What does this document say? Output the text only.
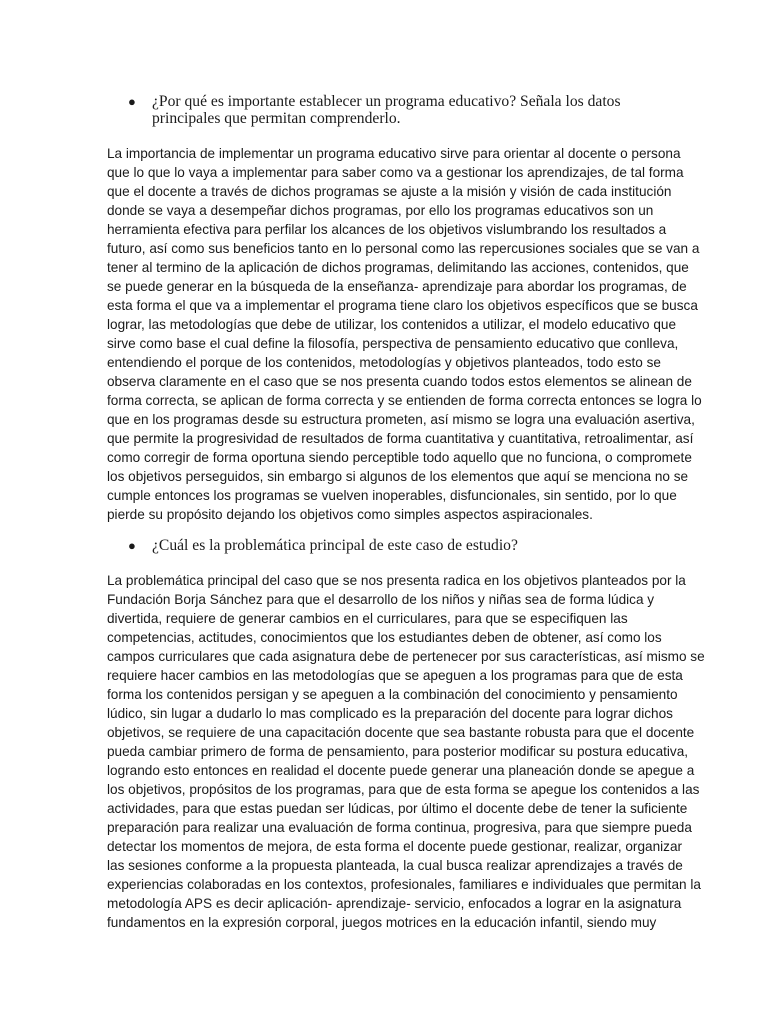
● ¿Por qué es importante establecer un programa educativo? Señala los datos principales que permitan comprenderlo.
La importancia de implementar un programa educativo sirve para orientar al docente o persona
que lo que lo vaya a implementar para saber como va a gestionar los aprendizajes, de tal forma
que el docente a través de dichos programas se ajuste a la misión y visión de cada institución
donde se vaya a desempeñar dichos programas, por ello los programas educativos son un
herramienta efectiva para perfilar los alcances de los objetivos vislumbrando los resultados a
futuro, así como sus beneficios tanto en lo personal como las repercusiones sociales que se van a
tener al termino de la aplicación de dichos programas, delimitando las acciones, contenidos, que
se puede generar en la búsqueda de la enseñanza- aprendizaje para abordar los programas, de
esta forma el que va a implementar el programa tiene claro los objetivos específicos que se busca
lograr, las metodologías que debe de utilizar, los contenidos a utilizar, el modelo educativo que
sirve como base el cual define la filosofía, perspectiva de pensamiento educativo que conlleva,
entendiendo el porque de los contenidos, metodologías y objetivos planteados, todo esto se
observa claramente en el caso que se nos presenta cuando todos estos elementos se alinean de
forma correcta, se aplican de forma correcta y se entienden de forma correcta entonces se logra lo
que en los programas desde su estructura prometen, así mismo se logra una evaluación asertiva,
que permite la progresividad de resultados de forma cuantitativa y cuantitativa, retroalimentar, así
como corregir de forma oportuna siendo perceptible todo aquello que no funciona, o compromete
los objetivos perseguidos, sin embargo si algunos de los elementos que aquí se menciona no se
cumple entonces los programas se vuelven inoperables, disfuncionales, sin sentido, por lo que
pierde su propósito dejando los objetivos como simples aspectos aspiracionales.
● ¿Cuál es la problemática principal de este caso de estudio?
La problemática principal del caso que se nos presenta radica en los objetivos planteados por la
Fundación Borja Sánchez para que el desarrollo de los niños y niñas sea de forma lúdica y
divertida, requiere de generar cambios en el curriculares, para que se especifiquen las
competencias, actitudes, conocimientos que los estudiantes deben de obtener, así como los
campos curriculares que cada asignatura debe de pertenecer por sus características, así mismo se
requiere hacer cambios en las metodologías que se apeguen a los programas para que de esta
forma los contenidos persigan y se apeguen a la combinación del conocimiento y pensamiento
lúdico, sin lugar a dudarlo lo mas complicado es la preparación del docente para lograr dichos
objetivos, se requiere de una capacitación docente que sea bastante robusta para que el docente
pueda cambiar primero de forma de pensamiento, para posterior modificar su postura educativa,
logrando esto entonces en realidad el docente puede generar una planeación donde se apegue a
los objetivos, propósitos de los programas, para que de esta forma se apegue los contenidos a las
actividades, para que estas puedan ser lúdicas, por último el docente debe de tener la suficiente
preparación para realizar una evaluación de forma continua, progresiva, para que siempre pueda
detectar los momentos de mejora, de esta forma el docente puede gestionar, realizar, organizar
las sesiones conforme a la propuesta planteada, la cual busca realizar aprendizajes a través de
experiencias colaboradas en los contextos, profesionales, familiares e individuales que permitan la
metodología APS es decir aplicación- aprendizaje- servicio, enfocados a lograr en la asignatura
fundamentos en la expresión corporal, juegos motrices en la educación infantil, siendo muy
